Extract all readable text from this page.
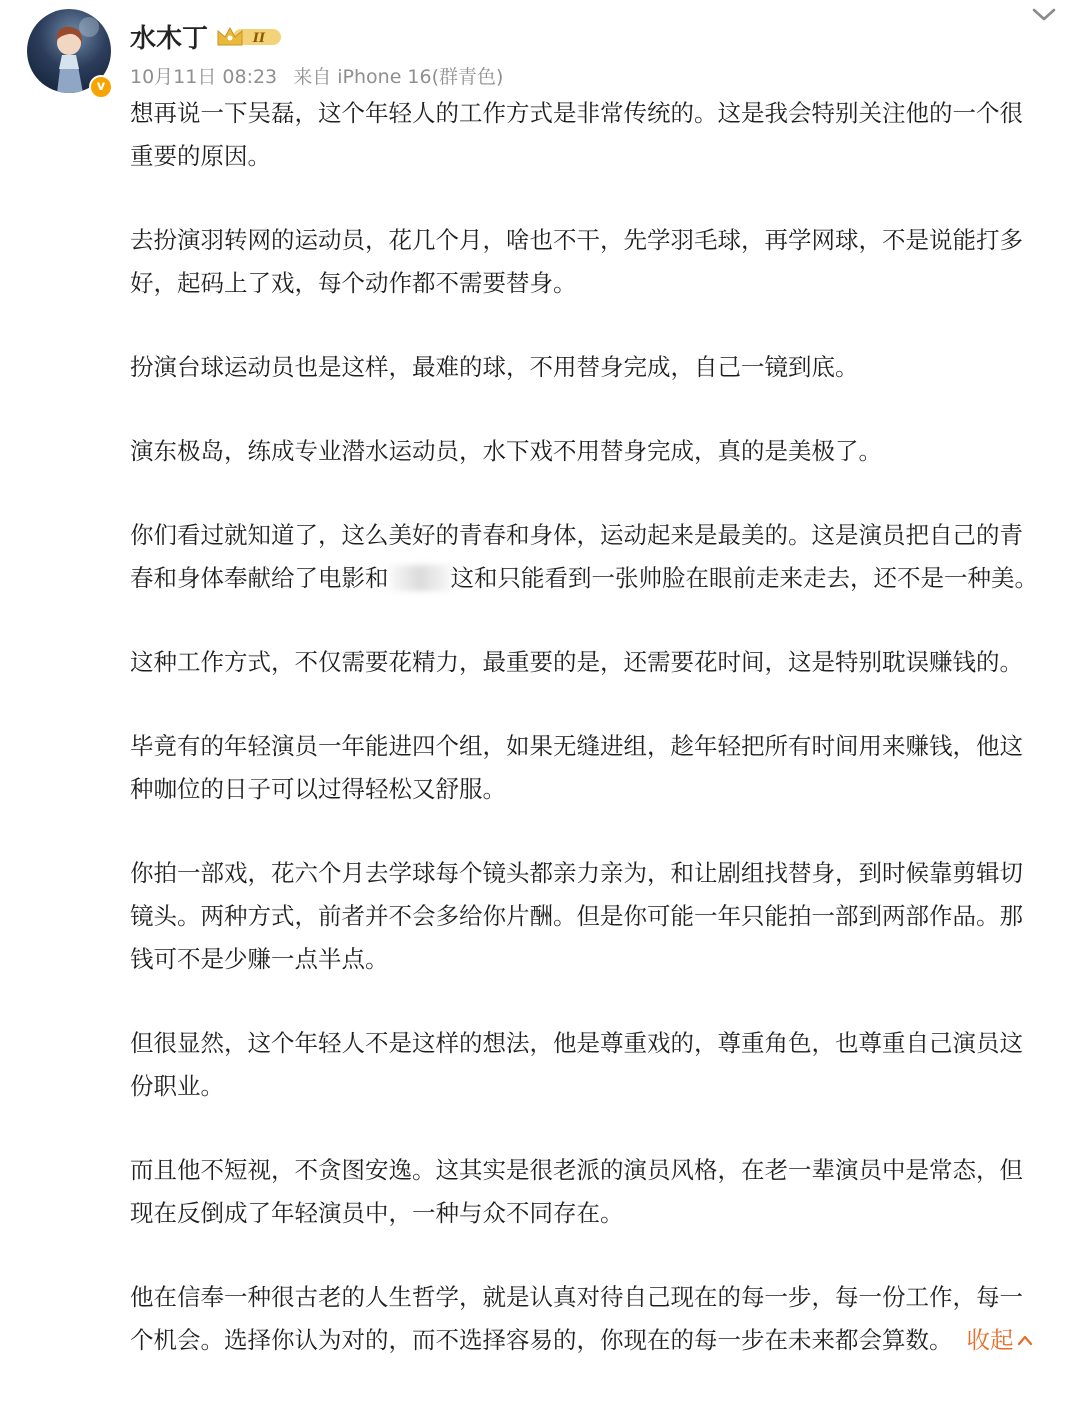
v
水木丁	II
10月11日 08:23 来自 iPhone 16(群青色)

想再说一下吴磊，这个年轻人的工作方式是非常传统的。这是我会特别关注他的一个很重要的原因。

去扮演羽转网的运动员，花几个月，啥也不干，先学羽毛球，再学网球，不是说能打多好，起码上了戏，每个动作都不需要替身。

扮演台球运动员也是这样，最难的球，不用替身完成，自己一镜到底。

演东极岛，练成专业潜水运动员，水下戏不用替身完成，真的是美极了。

你们看过就知道了，这么美好的青春和身体，运动起来是最美的。这是演员把自己的青春和身体奉献给了电影和	这和只能看到一张帅脸在眼前走来走去，还不是一种美。

这种工作方式，不仅需要花精力，最重要的是，还需要花时间，这是特别耽误赚钱的。

毕竟有的年轻演员一年能进四个组，如果无缝进组，趁年轻把所有时间用来赚钱，他这种咖位的日子可以过得轻松又舒服。

你拍一部戏，花六个月去学球每个镜头都亲力亲为，和让剧组找替身，到时候靠剪辑切镜头。两种方式，前者并不会多给你片酬。但是你可能一年只能拍一部到两部作品。那钱可不是少赚一点半点。

但很显然，这个年轻人不是这样的想法，他是尊重戏的，尊重角色，也尊重自己演员这份职业。

而且他不短视，不贪图安逸。这其实是很老派的演员风格，在老一辈演员中是常态，但现在反倒成了年轻演员中，一种与众不同存在。

他在信奉一种很古老的人生哲学，就是认真对待自己现在的每一步，每一份工作，每一个机会。选择你认为对的，而不选择容易的，你现在的每一步在未来都会算数。 收起
